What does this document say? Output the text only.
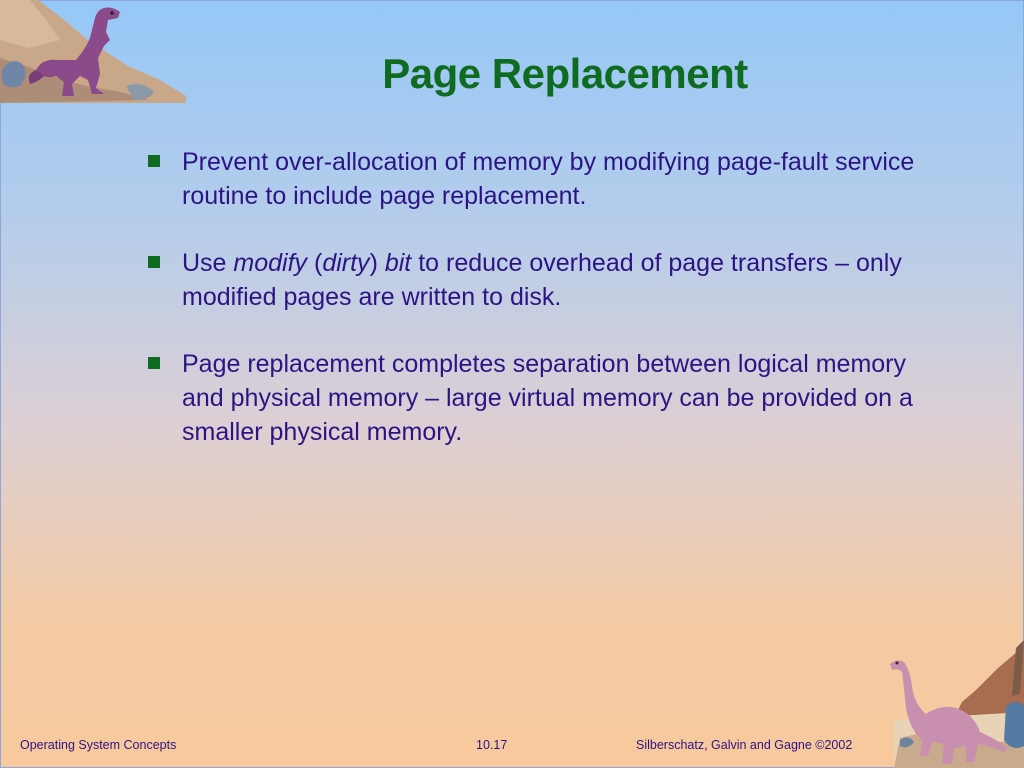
Page Replacement
Prevent over-allocation of memory by modifying page-fault service routine to include page replacement.
Use modify (dirty) bit to reduce overhead of page transfers – only modified pages are written to disk.
Page replacement completes separation between logical memory and physical memory – large virtual memory can be provided on a smaller physical memory.
Operating System Concepts	10.17	Silberschatz, Galvin and Gagne ©2002
